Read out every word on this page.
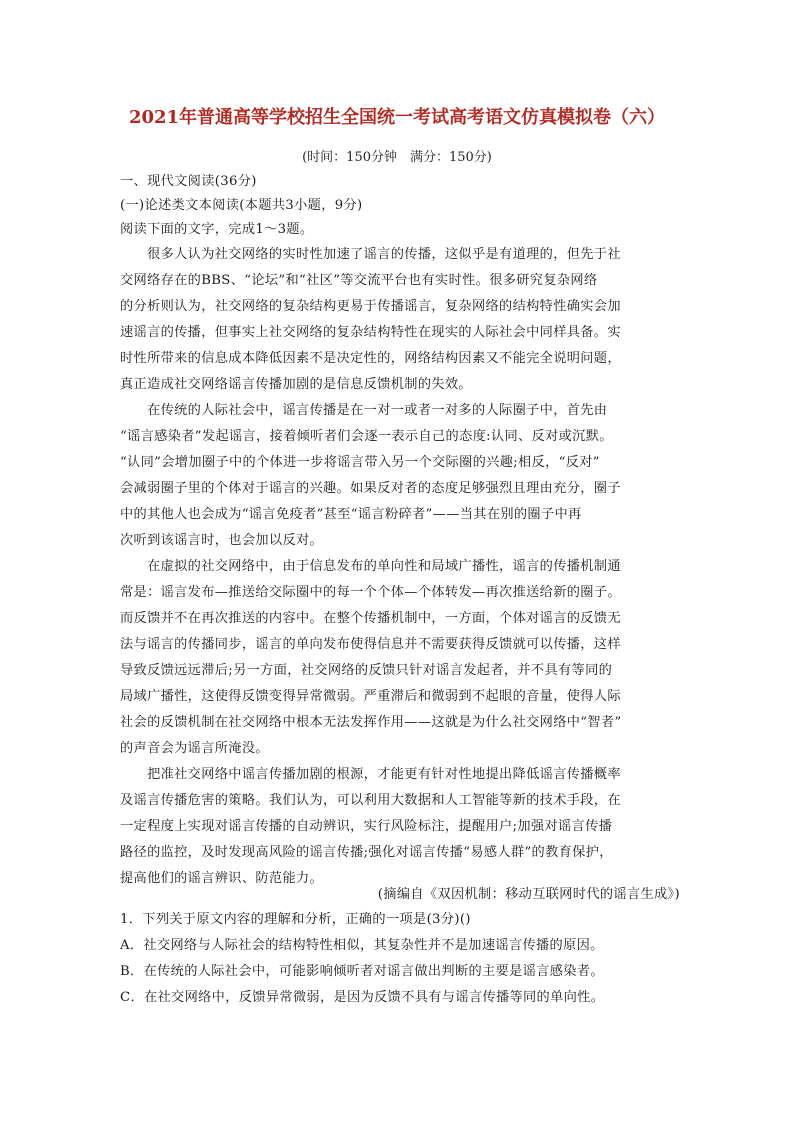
2021年普通高等学校招生全国统一考试高考语文仿真模拟卷（六）
(时间：150分钟　满分：150分)
一、现代文阅读(36分)
(一)论述类文本阅读(本题共3小题，9分)
阅读下面的文字，完成1～3题。
　　很多人认为社交网络的实时性加速了谣言的传播，这似乎是有道理的，但先于社
交网络存在的BBS、“论坛”和“社区”等交流平台也有实时性。很多研究复杂网络
的分析则认为，社交网络的复杂结构更易于传播谣言，复杂网络的结构特性确实会加
速谣言的传播，但事实上社交网络的复杂结构特性在现实的人际社会中同样具备。实
时性所带来的信息成本降低因素不是决定性的，网络结构因素又不能完全说明问题，
真正造成社交网络谣言传播加剧的是信息反馈机制的失效。
　　在传统的人际社会中，谣言传播是在一对一或者一对多的人际圈子中，首先由
“谣言感染者”发起谣言，接着倾听者们会逐一表示自己的态度:认同、反对或沉默。
“认同”会增加圈子中的个体进一步将谣言带入另一个交际圈的兴趣;相反，“反对”
会减弱圈子里的个体对于谣言的兴趣。如果反对者的态度足够强烈且理由充分，圈子
中的其他人也会成为“谣言免疫者”甚至“谣言粉碎者”——当其在别的圈子中再
次听到该谣言时，也会加以反对。
　　在虚拟的社交网络中，由于信息发布的单向性和局域广播性，谣言的传播机制通
常是：谣言发布—推送给交际圈中的每一个个体—个体转发—再次推送给新的圈子。
而反馈并不在再次推送的内容中。在整个传播机制中，一方面，个体对谣言的反馈无
法与谣言的传播同步，谣言的单向发布使得信息并不需要获得反馈就可以传播，这样
导致反馈远远滞后;另一方面，社交网络的反馈只针对谣言发起者，并不具有等同的
局域广播性，这使得反馈变得异常微弱。严重滞后和微弱到不起眼的音量，使得人际
社会的反馈机制在社交网络中根本无法发挥作用——这就是为什么社交网络中“智者”
的声音会为谣言所淹没。
　　把准社交网络中谣言传播加剧的根源，才能更有针对性地提出降低谣言传播概率
及谣言传播危害的策略。我们认为，可以利用大数据和人工智能等新的技术手段，在
一定程度上实现对谣言传播的自动辨识，实行风险标注，提醒用户;加强对谣言传播
路径的监控，及时发现高风险的谣言传播;强化对谣言传播“易感人群”的教育保护，
提高他们的谣言辨识、防范能力。
(摘编自《双因机制：移动互联网时代的谣言生成》)
1．下列关于原文内容的理解和分析，正确的一项是(3分)()
A．社交网络与人际社会的结构特性相似，其复杂性并不是加速谣言传播的原因。
B．在传统的人际社会中，可能影响倾听者对谣言做出判断的主要是谣言感染者。
C．在社交网络中，反馈异常微弱，是因为反馈不具有与谣言传播等同的单向性。
